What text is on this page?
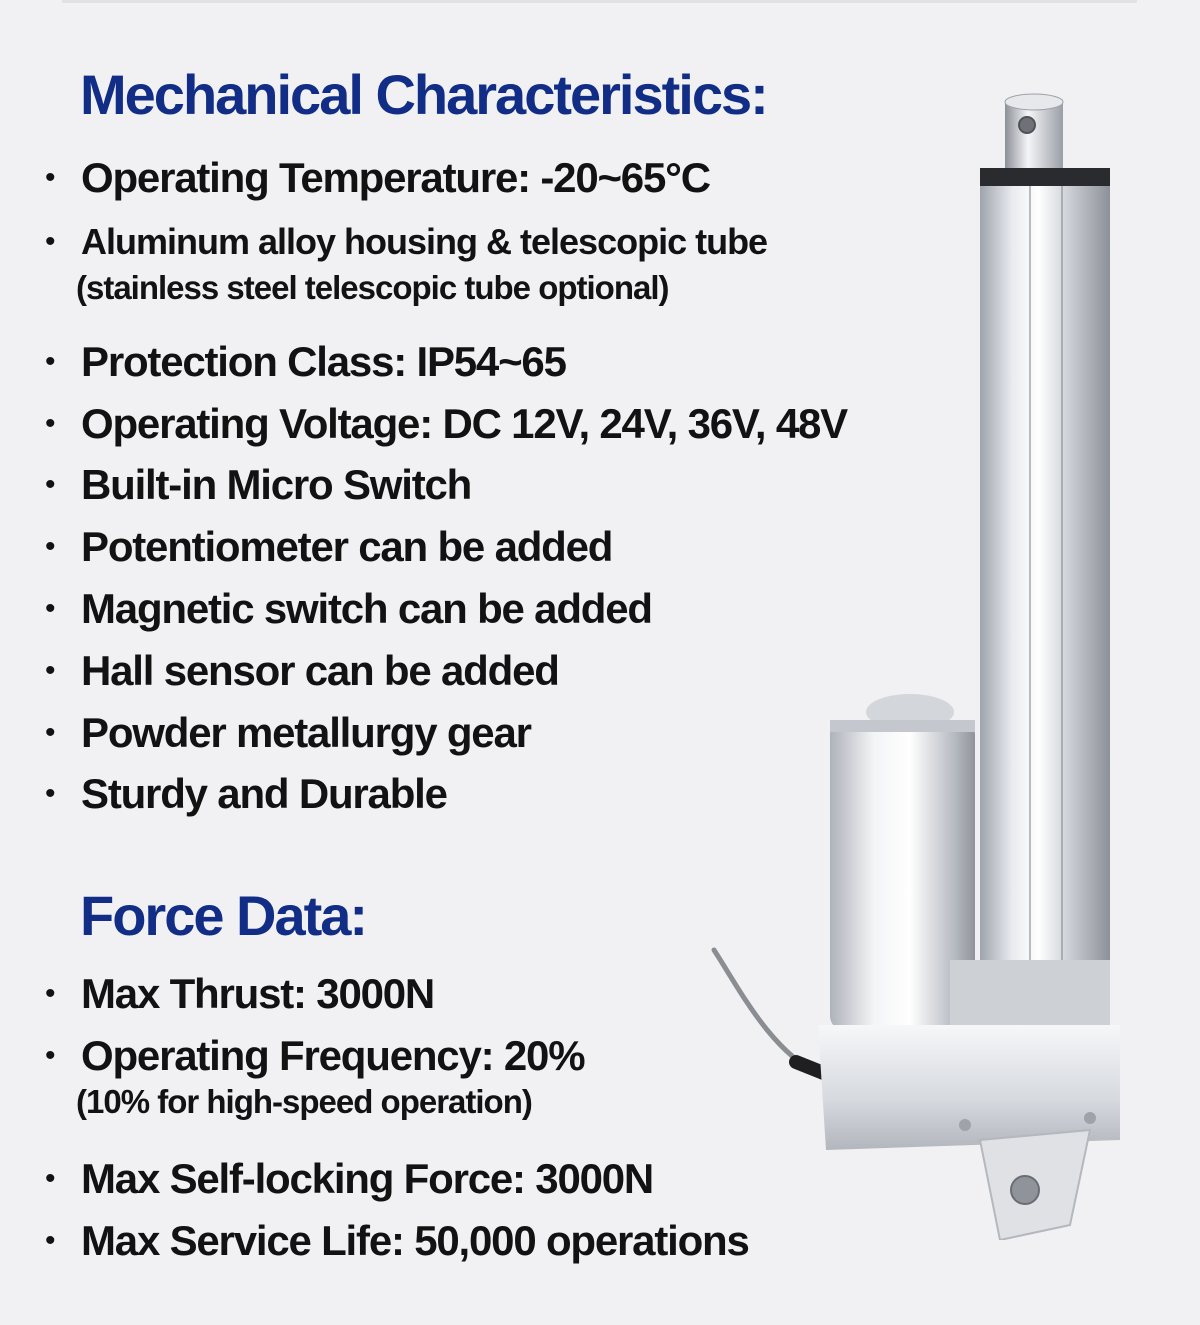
Mechanical Characteristics:
• Operating Temperature: -20~65°C
• Aluminum alloy housing & telescopic tube
(stainless steel telescopic tube optional)
• Protection Class: IP54~65
• Operating Voltage: DC 12V, 24V, 36V, 48V
• Built-in Micro Switch
• Potentiometer can be added
• Magnetic switch can be added
• Hall sensor can be added
• Powder metallurgy gear
• Sturdy and Durable
Force Data:
• Max Thrust: 3000N
• Operating Frequency: 20%
(10% for high-speed operation)
• Max Self-locking Force: 3000N
• Max Service Life: 50,000 operations
